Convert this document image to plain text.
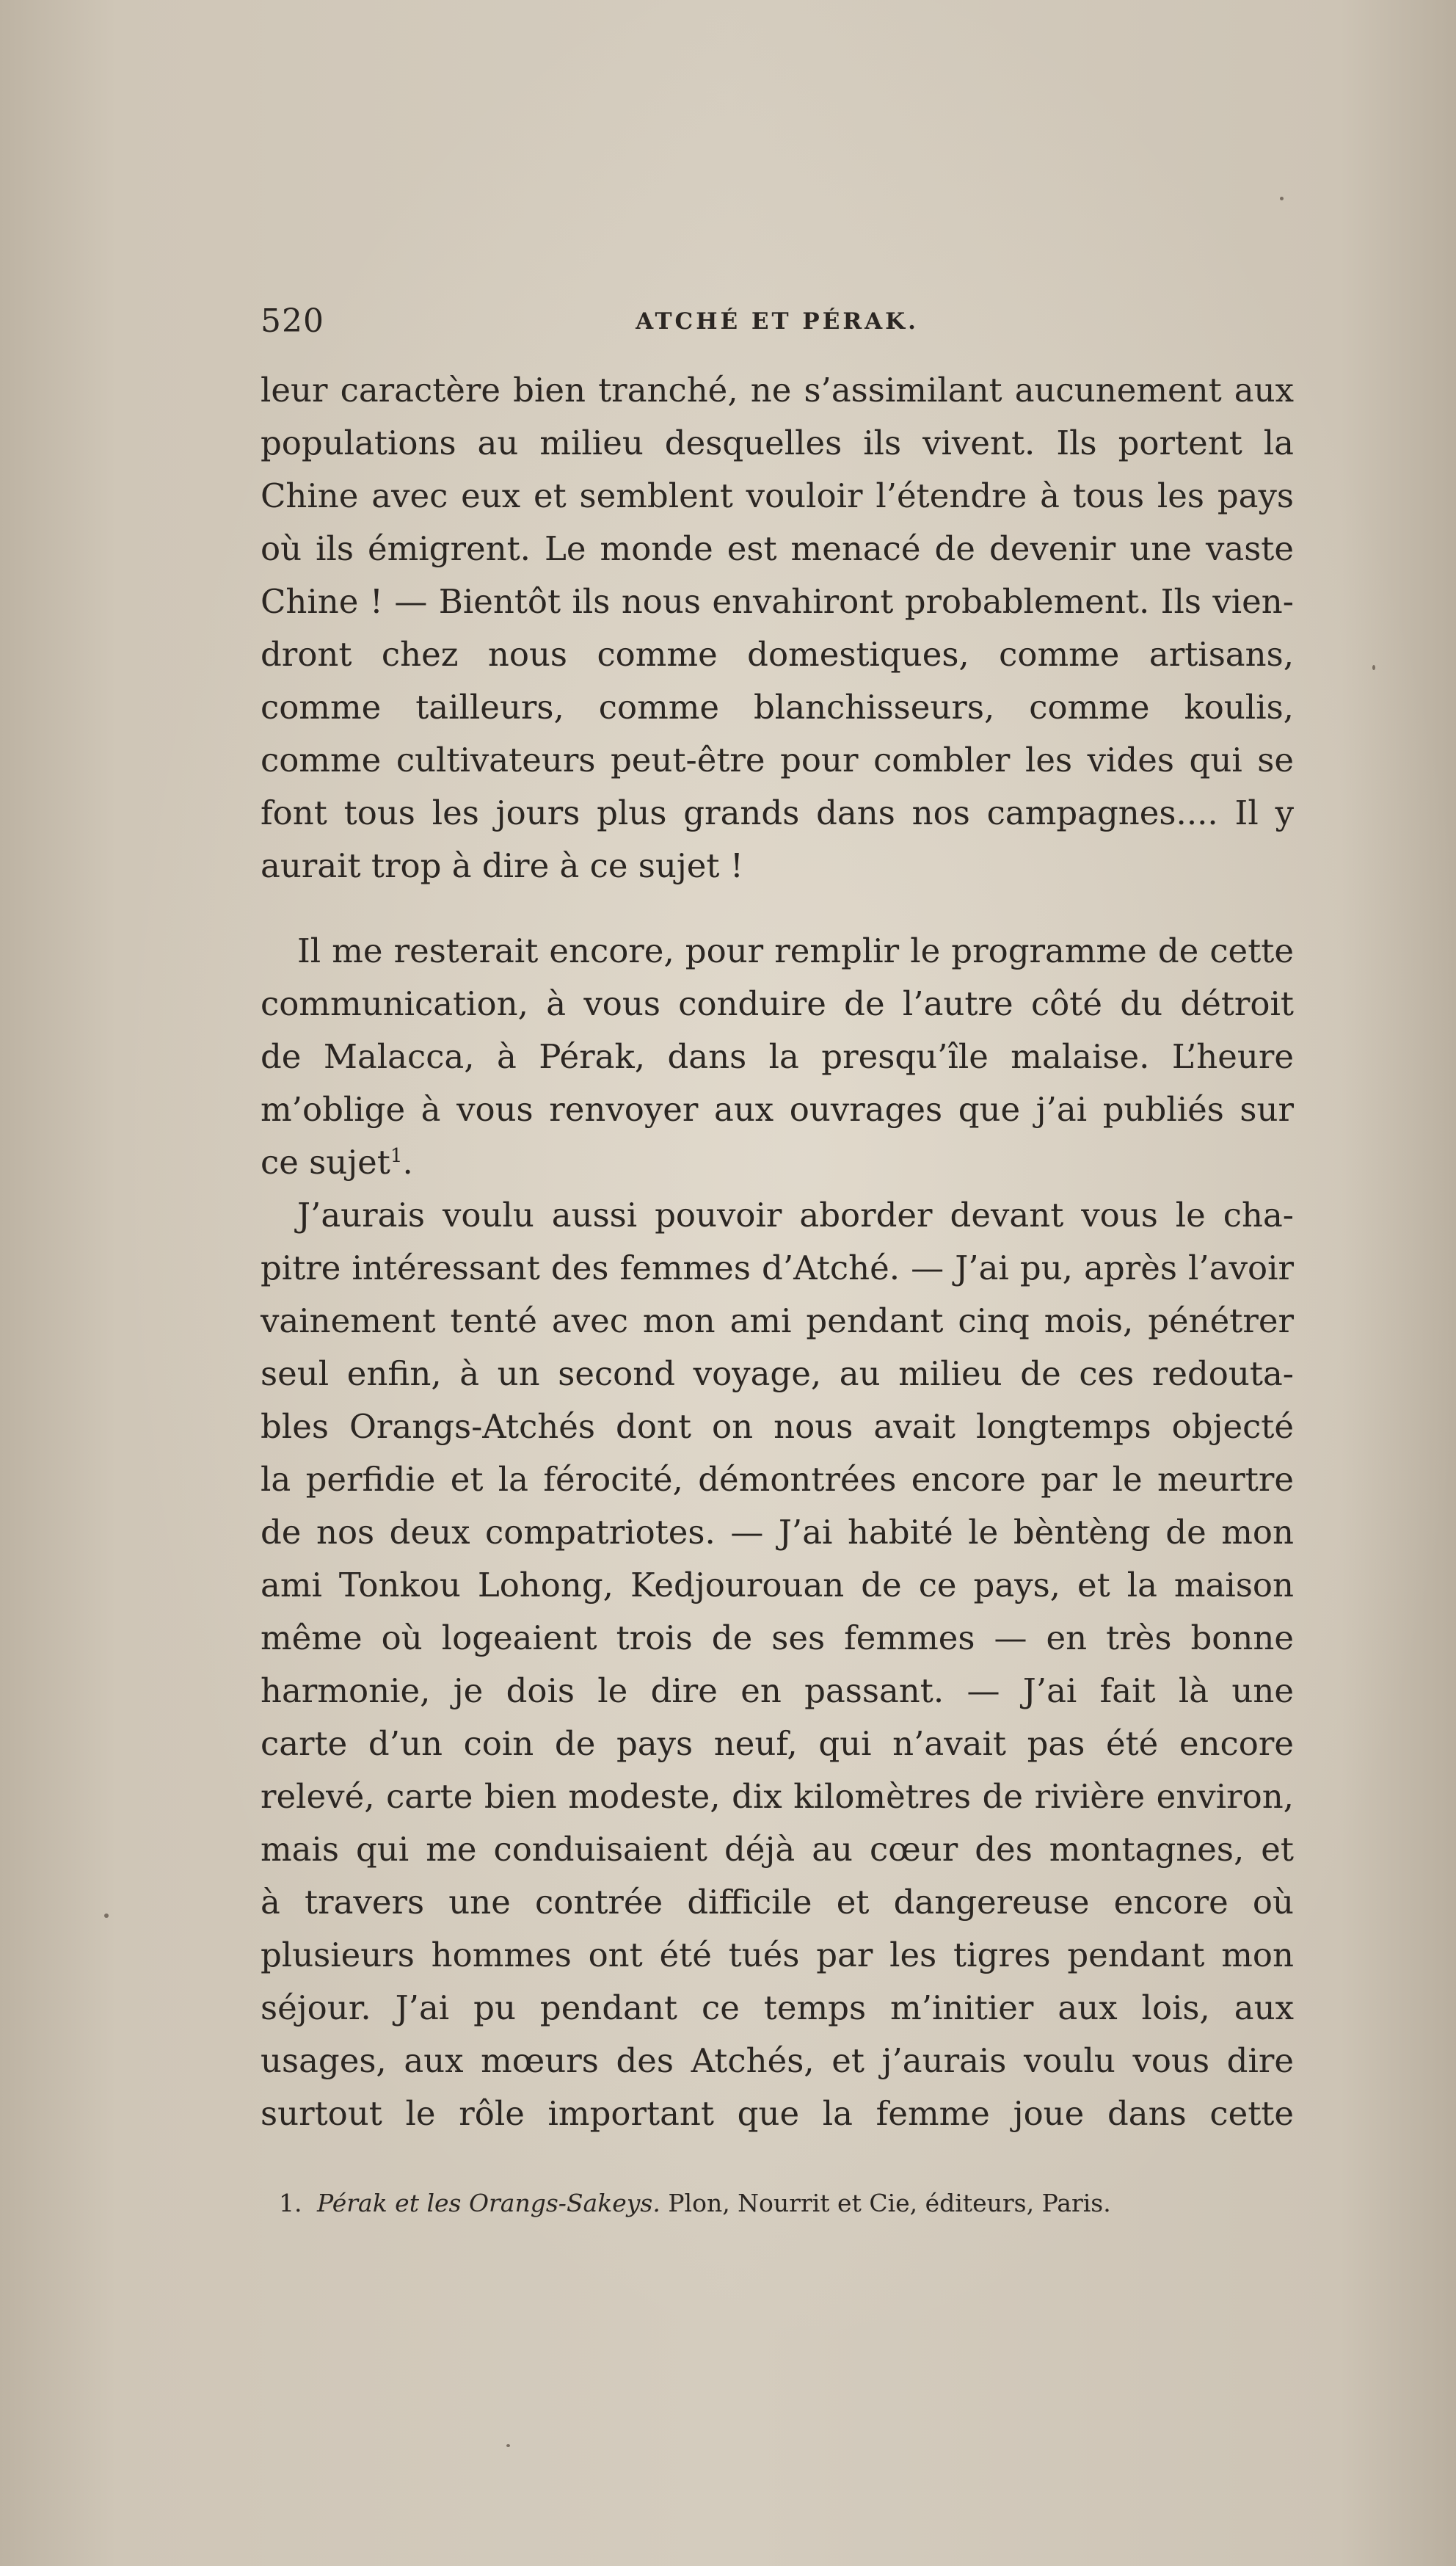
520	ATCHÉ ET PÉRAK.
leur caractère bien tranché, ne s’assimilant aucunement aux
populations au milieu desquelles ils vivent. Ils portent la
Chine avec eux et semblent vouloir l’étendre à tous les pays
où ils émigrent. Le monde est menacé de devenir une vaste
Chine ! — Bientôt ils nous envahiront probablement. Ils vien-
dront chez nous comme domestiques, comme artisans,
comme tailleurs, comme blanchisseurs, comme koulis,
comme cultivateurs peut-être pour combler les vides qui se
font tous les jours plus grands dans nos campagnes.... Il y
aurait trop à dire à ce sujet !
Il me resterait encore, pour remplir le programme de cette
communication, à vous conduire de l’autre côté du détroit
de Malacca, à Pérak, dans la presqu’île malaise. L’heure
m’oblige à vous renvoyer aux ouvrages que j’ai publiés sur
ce sujet$^1$.
J’aurais voulu aussi pouvoir aborder devant vous le cha-
pitre intéressant des femmes d’Atché. — J’ai pu, après l’avoir
vainement tenté avec mon ami pendant cinq mois, pénétrer
seul enfin, à un second voyage, au milieu de ces redouta-
bles Orangs-Atchés dont on nous avait longtemps objecté
la perfidie et la férocité, démontrées encore par le meurtre
de nos deux compatriotes. — J’ai habité le bèntèng de mon
ami Tonkou Lohong, Kedjourouan de ce pays, et la maison
même où logeaient trois de ses femmes — en très bonne
harmonie, je dois le dire en passant. — J’ai fait là une
carte d’un coin de pays neuf, qui n’avait pas été encore
relevé, carte bien modeste, dix kilomètres de rivière environ,
mais qui me conduisaient déjà au cœur des montagnes, et
à travers une contrée difficile et dangereuse encore où
plusieurs hommes ont été tués par les tigres pendant mon
séjour. J’ai pu pendant ce temps m’initier aux lois, aux
usages, aux mœurs des Atchés, et j’aurais voulu vous dire
surtout le rôle important que la femme joue dans cette
1. Pérak et les Orangs-Sakeys. Plon, Nourrit et Cie, éditeurs, Paris.
